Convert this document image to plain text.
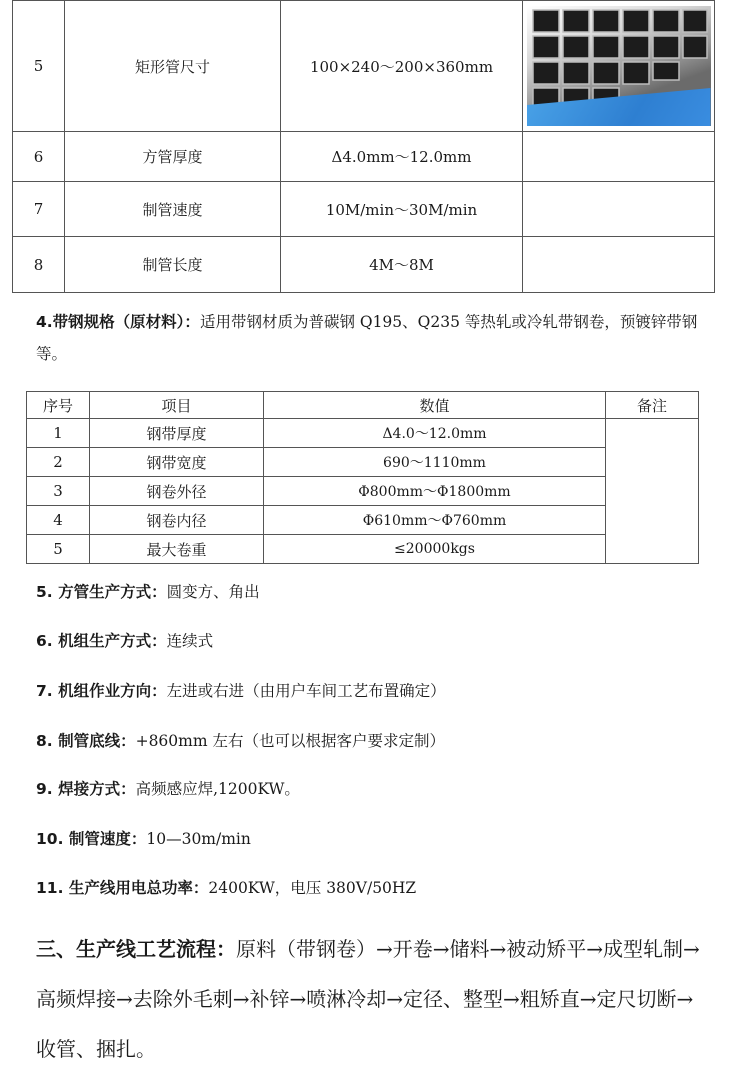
5	矩形管尺寸	100×240～200×360mm	

6	方管厚度	Δ4.0mm～12.0mm	
7	制管速度	10M/min～30M/min	
8	制管长度	4M～8M	
4.带钢规格（原材料）：适用带钢材质为普碳钢 Q195、Q235 等热轧或冷轧带钢卷，预镀锌带钢等。
序号	项目	数值	备注
1	钢带厚度	Δ4.0～12.0mm	
2	钢带宽度	690～1110mm	
3	钢卷外径	Φ800mm～Φ1800mm	
4	钢卷内径	Φ610mm～Φ760mm	
5	最大卷重	≤20000kgs	
5. 方管生产方式：圆变方、角出
6. 机组生产方式：连续式
7. 机组作业方向：左进或右进（由用户车间工艺布置确定）
8. 制管底线：+860mm 左右（也可以根据客户要求定制）
9. 焊接方式：高频感应焊,1200KW。
10. 制管速度：10—30m/min
11. 生产线用电总功率：2400KW，电压 380V/50HZ
三、生产线工艺流程：原料（带钢卷）→开卷→储料→被动矫平→成型轧制→高频焊接→去除外毛刺→补锌→喷淋冷却→定径、整型→粗矫直→定尺切断→收管、捆扎。
